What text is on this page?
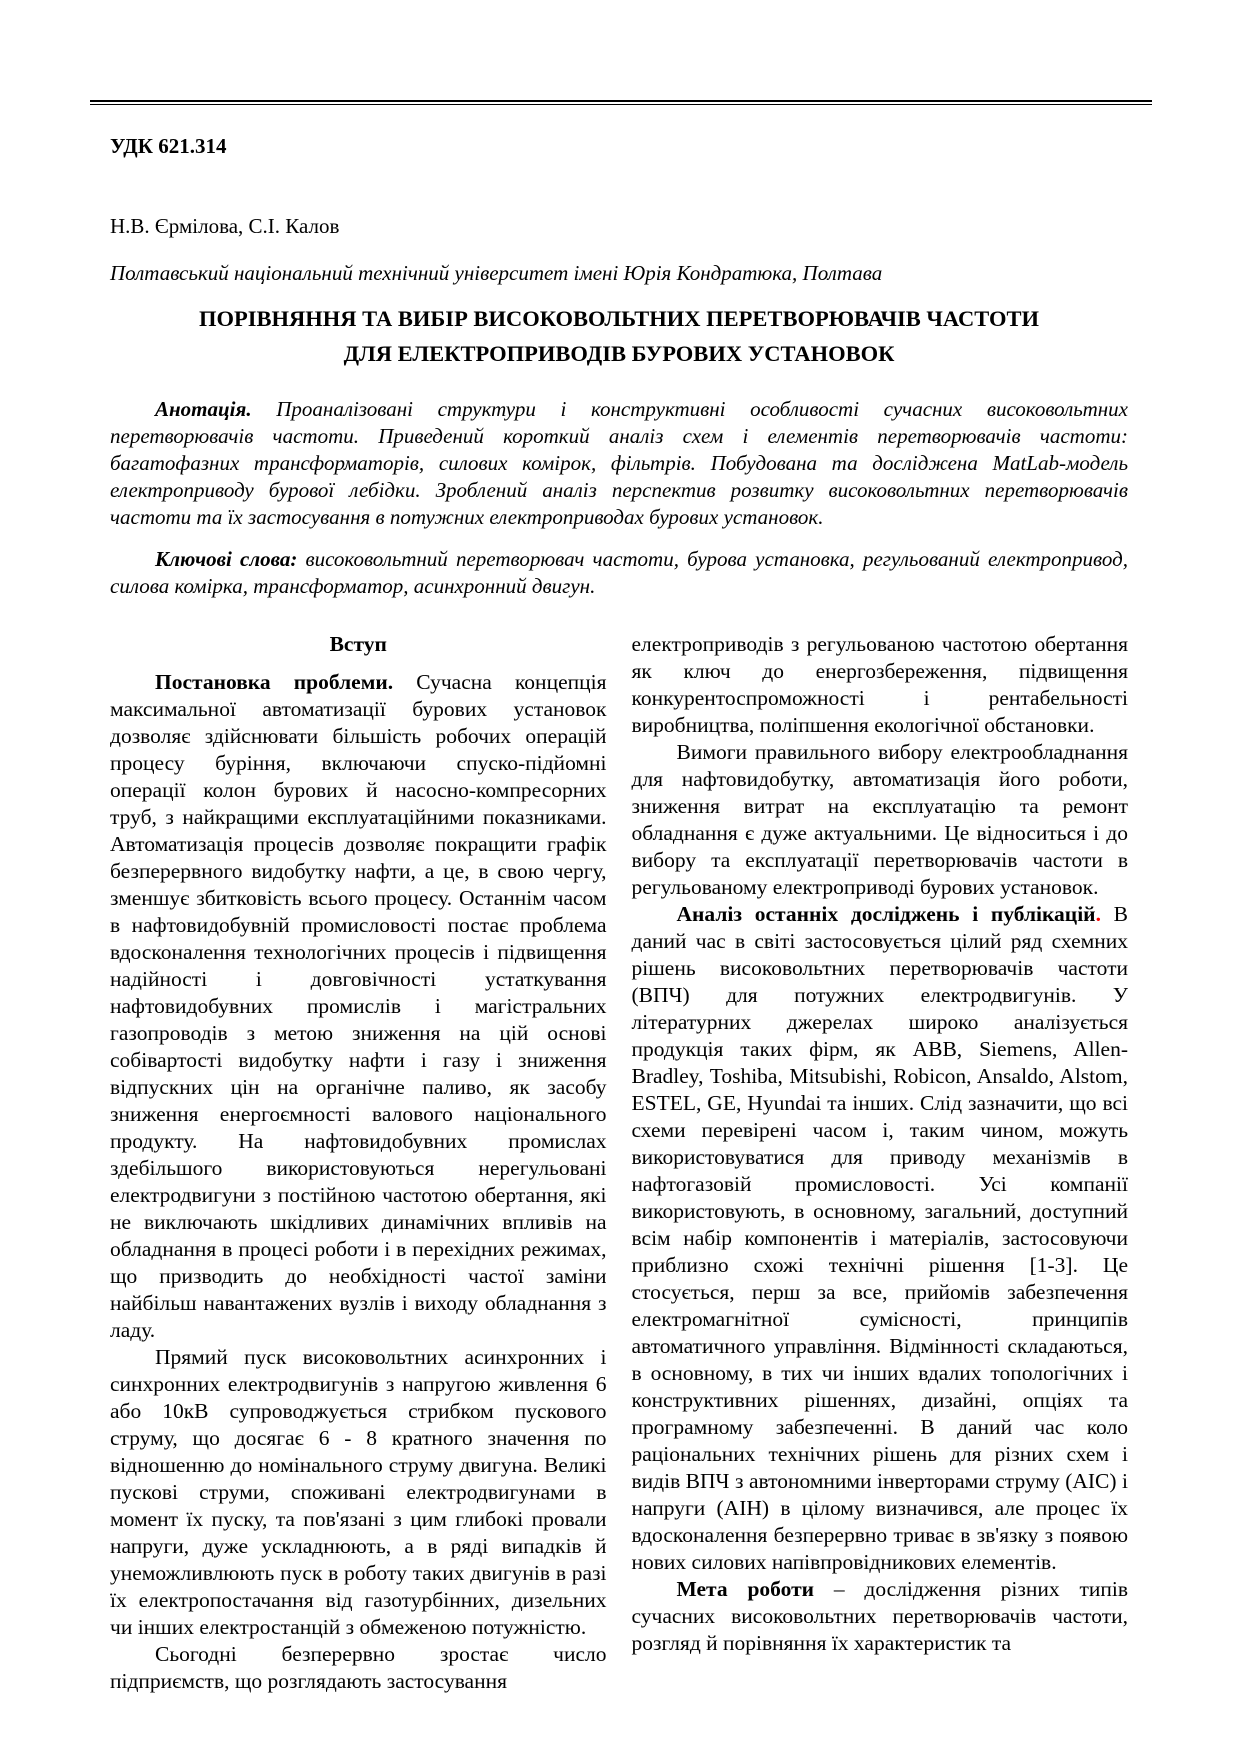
УДК 621.314
Н.В. Єрмілова, С.І. Калов
Полтавський національний технічний університет імені Юрія Кондратюка, Полтава
ПОРІВНЯННЯ ТА ВИБІР ВИСОКОВОЛЬТНИХ ПЕРЕТВОРЮВАЧІВ ЧАСТОТИ
ДЛЯ ЕЛЕКТРОПРИВОДІВ БУРОВИХ УСТАНОВОК
Анотація. Проаналізовані структури і конструктивні особливості сучасних високовольтних перетворювачів частоти. Приведений короткий аналіз схем і елементів перетворювачів частоти: багатофазних трансформаторів, силових комірок, фільтрів. Побудована та досліджена MatLab-модель електроприводу бурової лебідки. Зроблений аналіз перспектив розвитку високовольтних перетворювачів частоти та їх застосування в потужних електроприводах бурових установок.
Ключові слова: високовольтний перетворювач частоти, бурова установка, регульований електропривод, силова комірка, трансформатор, асинхронний двигун.
Вступ

Постановка проблеми. Сучасна концепція максимальної автоматизації бурових установок дозволяє здійснювати більшість робочих операцій процесу буріння, включаючи спуско-підйомні операції колон бурових й насосно-компресорних труб, з найкращими експлуатаційними показниками. Автоматизація процесів дозволяє покращити графік безперервного видобутку нафти, а це, в свою чергу, зменшує збитковість всього процесу. Останнім часом в нафтовидобувній промисловості постає проблема вдосконалення технологічних процесів і підвищення надійності і довговічності устаткування нафтовидобувних промислів і магістральних газопроводів з метою зниження на цій основі собівартості видобутку нафти і газу і зниження відпускних цін на органічне паливо, як засобу зниження енергоємності валового національного продукту. На нафтовидобувних промислах здебільшого використовуються нерегульовані електродвигуни з постійною частотою обертання, які не виключають шкідливих динамічних впливів на обладнання в процесі роботи і в перехідних режимах, що призводить до необхідності частої заміни найбільш навантажених вузлів і виходу обладнання з ладу.

Прямий пуск високовольтних асинхронних і синхронних електродвигунів з напругою живлення 6 або 10кВ супроводжується стрибком пускового струму, що досягає 6 - 8 кратного значення по відношенню до номінального струму двигуна. Великі пускові струми, споживані електродвигунами в момент їх пуску, та пов'язані з цим глибокі провали напруги, дуже ускладнюють, а в ряді випадків й унеможливлюють пуск в роботу таких двигунів в разі їх електропостачання від газотурбінних, дизельних чи інших електростанцій з обмеженою потужністю.

Сьогодні безперервно зростає число підприємств, що розглядають застосування

електроприводів з регульованою частотою обертання як ключ до енергозбереження, підвищення конкурентоспроможності і рентабельності виробництва, поліпшення екологічної обстановки.

Вимоги правильного вибору електрообладнання для нафтовидобутку, автоматизація його роботи, зниження витрат на експлуатацію та ремонт обладнання є дуже актуальними. Це відноситься і до вибору та експлуатації перетворювачів частоти в регульованому електроприводі бурових установок.

Аналіз останніх досліджень і публікацій. В даний час в світі застосовується цілий ряд схемних рішень високовольтних перетворювачів частоти (ВПЧ) для потужних електродвигунів. У літературних джерелах широко аналізується продукція таких фірм, як ABB, Siemens, Allen-Bradley, Toshiba, Mitsubishi, Robicon, Ansaldo, Alstom, ESTEL, GE, Hyundai та інших. Слід зазначити, що всі схеми перевірені часом і, таким чином, можуть використовуватися для приводу механізмів в нафтогазовій промисловості. Усі компанії використовують, в основному, загальний, доступний всім набір компонентів і матеріалів, застосовуючи приблизно схожі технічні рішення [1-3]. Це стосується, перш за все, прийомів забезпечення електромагнітної сумісності, принципів автоматичного управління. Відмінності складаються, в основному, в тих чи інших вдалих топологічних і конструктивних рішеннях, дизайні, опціях та програмному забезпеченні. В даний час коло раціональних технічних рішень для різних схем і видів ВПЧ з автономними інверторами струму (АІС) і напруги (АІН) в цілому визначився, але процес їх вдосконалення безперервно триває в зв'язку з появою нових силових напівпровідникових елементів.

Мета роботи – дослідження різних типів сучасних високовольтних перетворювачів частоти, розгляд й порівняння їх характеристик та
